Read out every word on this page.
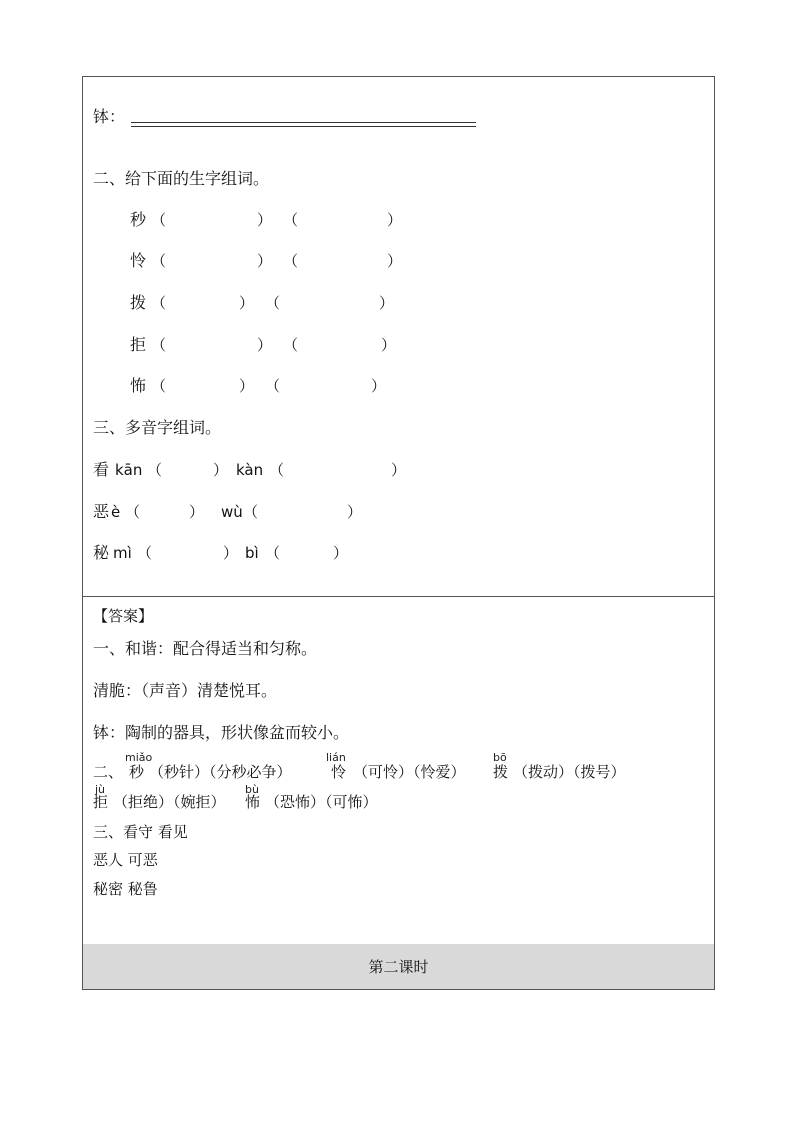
钵：
二、给下面的生字组词。
秒 （	） （	）
怜 （	） （	）
拨 （	） （	）
拒 （	） （	）
怖 （	） （	）
三、多音字组词。
看 kān （	） kàn （	）
恶 è （	） wù （	）
秘 mì （	） bì （	）
【答案】
一、和谐：配合得适当和匀称。
清脆：（声音）清楚悦耳。
钵：陶制的器具，形状像盆而较小。
二、
miǎo
秒 （秒针）（分秒必争）
lián
怜 （可怜）（怜爱）
bō
拨 （拨动）（拨号）
jù
拒 （拒绝）（婉拒）
bù
怖 （恐怖）（可怖）
三、看守 看见
恶人 可恶
秘密 秘鲁
第二课时
